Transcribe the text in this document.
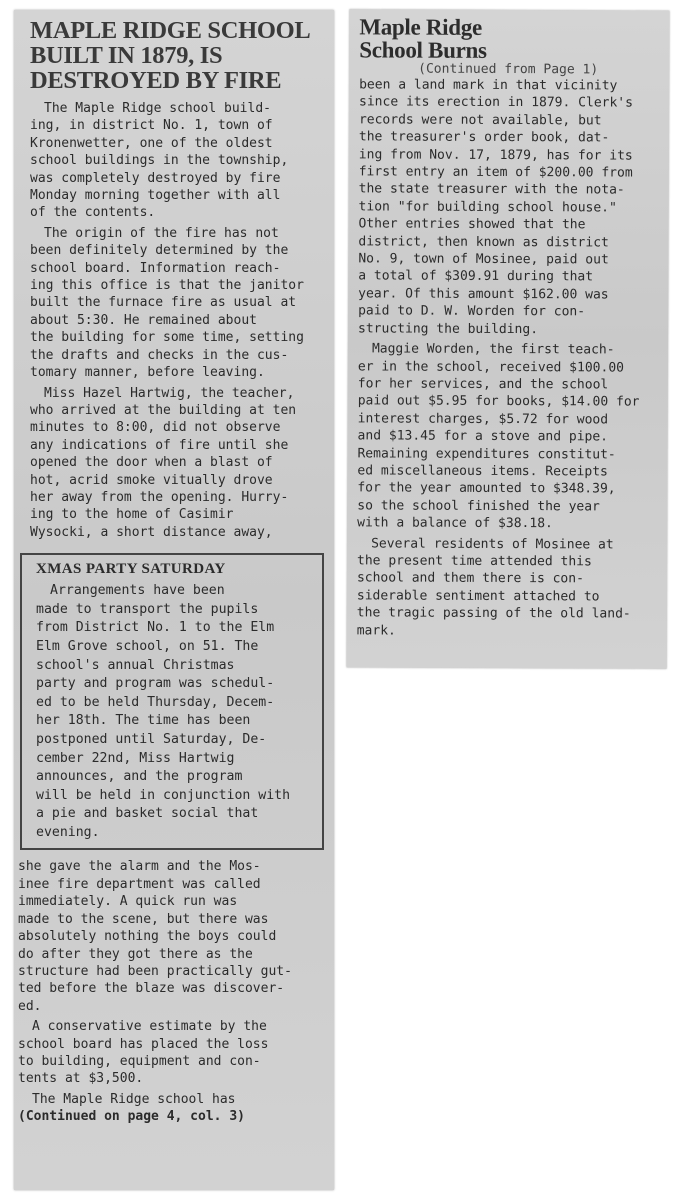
MAPLE RIDGE SCHOOL
BUILT IN 1879, IS
DESTROYED BY FIRE

The Maple Ridge school build-
ing, in district No. 1, town of
Kronenwetter, one of the oldest
school buildings in the township,
was completely destroyed by fire
Monday morning together with all
of the contents.

The origin of the fire has not
been definitely determined by the
school board. Information reach-
ing this office is that the janitor
built the furnace fire as usual at
about 5:30. He remained about
the building for some time, setting
the drafts and checks in the cus-
tomary manner, before leaving.

Miss Hazel Hartwig, the teacher,
who arrived at the building at ten
minutes to 8:00, did not observe
any indications of fire until she
opened the door when a blast of
hot, acrid smoke vitually drove
her away from the opening. Hurry-
ing to the home of Casimir
Wysocki, a short distance away,

XMAS PARTY SATURDAY
Arrangements have been
made to transport the pupils
from District No. 1 to the Elm
Elm Grove school, on 51. The
school's annual Christmas
party and program was schedul-
ed to be held Thursday, Decem-
her 18th. The time has been
postponed until Saturday, De-
cember 22nd, Miss Hartwig
announces, and the program
will be held in conjunction with
a pie and basket social that
evening.

she gave the alarm and the Mos-
inee fire department was called
immediately. A quick run was
made to the scene, but there was
absolutely nothing the boys could
do after they got there as the
structure had been practically gut-
ted before the blaze was discover-
ed.

A conservative estimate by the
school board has placed the loss
to building, equipment and con-
tents at $3,500.

The Maple Ridge school has
(Continued on page 4, col. 3)

Maple Ridge
School Burns
(Continued from Page 1)

been a land mark in that vicinity
since its erection in 1879. Clerk's
records were not available, but
the treasurer's order book, dat-
ing from Nov. 17, 1879, has for its
first entry an item of $200.00 from
the state treasurer with the nota-
tion "for building school house."
Other entries showed that the
district, then known as district
No. 9, town of Mosinee, paid out
a total of $309.91 during that
year. Of this amount $162.00 was
paid to D. W. Worden for con-
structing the building.

Maggie Worden, the first teach-
er in the school, received $100.00
for her services, and the school
paid out $5.95 for books, $14.00 for
interest charges, $5.72 for wood
and $13.45 for a stove and pipe.
Remaining expenditures constitut-
ed miscellaneous items. Receipts
for the year amounted to $348.39,
so the school finished the year
with a balance of $38.18.

Several residents of Mosinee at
the present time attended this
school and them there is con-
siderable sentiment attached to
the tragic passing of the old land-
mark.
